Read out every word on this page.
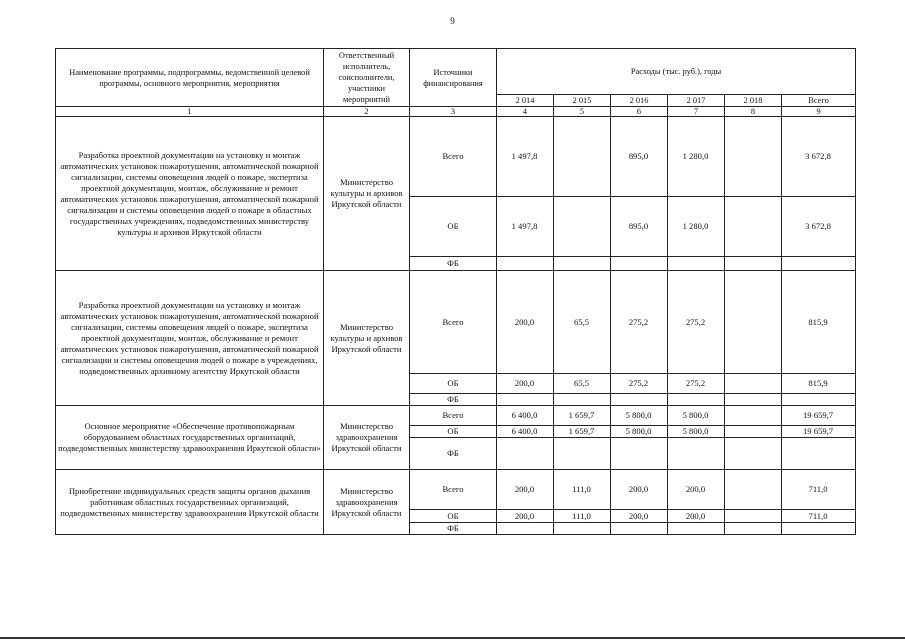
9
Наименование программы, подпрограммы, ведомственной целевой программы, основного мероприятия, мероприятия	Ответственный исполнитель, соисполнители, участники мероприятий	Источники финансирования	Расходы (тыс. руб.), годы					
			2 014	2 015	2 016	2 017	2 018	Всего
1	2	3	4	5	6	7	8	9
Разработка проектной документации на установку и монтаж автоматических установок пожаротушения, автоматической пожарной сигнализации, системы оповещения людей о пожаре, экспертиза проектной документации, монтаж, обслуживание и ремонт автоматических установок пожаротушения, автоматической пожарной сигнализации и системы оповещения людей о пожаре в областных государственных учреждениях, подведомственных министерству культуры и архивов Иркутской области	Министерство культуры и архивов Иркутской области	Всего	1 497,8		895,0	1 280,0		3 672,8
		ОБ	1 497,8		895,0	1 280,0		3 672,8
		ФБ						
Разработка проектной документации на установку и монтаж автоматических установок пожаротушения, автоматической пожарной сигнализации, системы оповещения людей о пожаре, экспертиза проектной документации, монтаж, обслуживание и ремонт автоматических установок пожаротушения, автоматической пожарной сигнализации и системы оповещения людей о пожаре в учреждениях, подведомственных архивному агентству Иркутской области	Министерство культуры и архивов Иркутской области	Всего	200,0	65,5	275,2	275,2		815,9
		ОБ	200,0	65,5	275,2	275,2		815,9
		ФБ						
Основное мероприятие «Обеспечение противопожарным оборудованием областных государственных организаций, подведомственных министерству здравоохранения Иркутской области»	Министерство здравоохранения Иркутской области	Всего	6 400,0	1 659,7	5 800,0	5 800,0		19 659,7
		ОБ	6 400,0	1 659,7	5 800,0	5 800,0		19 659,7
		ФБ						
Приобретение индивидуальных средств защиты органов дыхания работникам областных государственных организаций, подведомственных министерству здравоохранения Иркутской области	Министерство здравоохранения Иркутской области	Всего	200,0	111,0	200,0	200,0		711,0
		ОБ	200,0	111,0	200,0	200,0		711,0
		ФБ						
